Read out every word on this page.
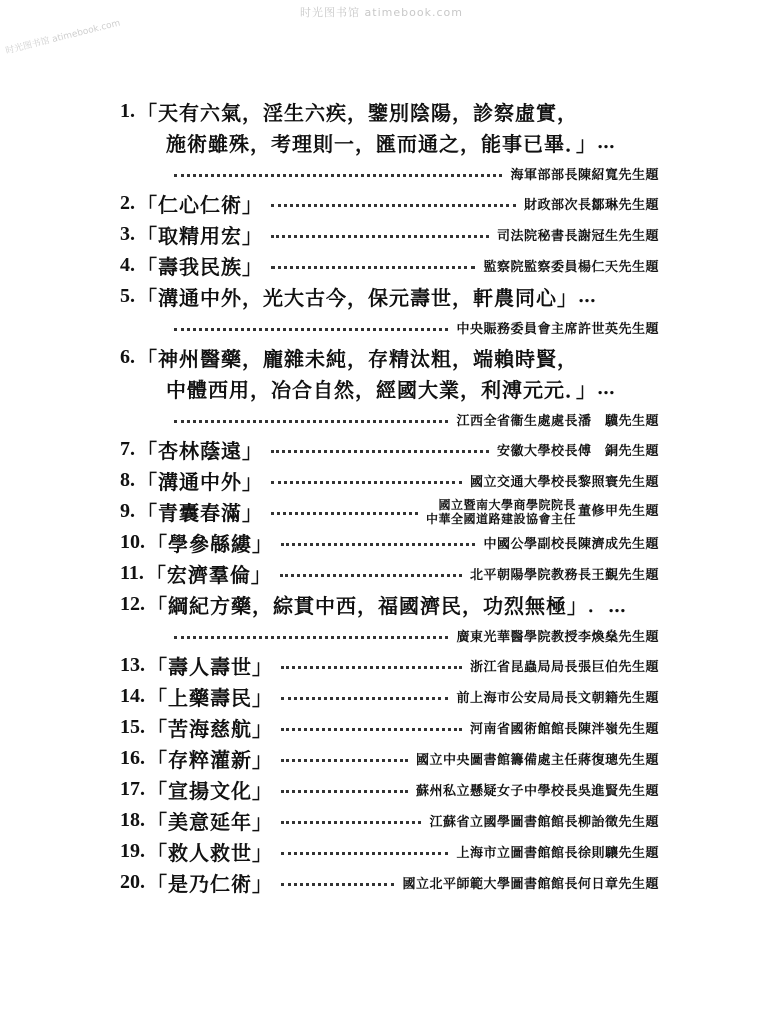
时光图书馆 atimebook.com
时光图书馆 atimebook.com
1. 「天有六氣，淫生六疾，鑒別陰陽，診察虛實，
施術雖殊，考理則一，匯而通之，能事已畢．」 …
海軍部部長陳紹寬先生題
2. 「仁心仁術」	財政部次長鄒琳先生題
3. 「取精用宏」	司法院秘書長謝冠生先生題
4. 「壽我民族」	監察院監察委員楊仁天先生題
5. 「溝通中外，光大古今，保元壽世，軒農同心」 …
中央賑務委員會主席許世英先生題
6. 「神州醫藥，龐雜未純，存精汰粗，端賴時賢，
中體西用，冶合自然，經國大業，利溥元元．」 …
江西全省衞生處處長潘　驥先生題
7. 「杏林蔭遠」	安徽大學校長傅　銅先生題
8. 「溝通中外」	國立交通大學校長黎照寰先生題
9. 「青囊春滿」	國立暨南大學商學院院長
中華全國道路建設協會主任 董修甲先生題
10. 「學參緜縷」	中國公學副校長陳濟成先生題
11. 「宏濟羣倫」	北平朝陽學院教務長王覲先生題
12. 「綱紀方藥，綜貫中西，福國濟民，功烈無極」 ．…
廣東光華醫學院教授李煥燊先生題
13. 「壽人壽世」	浙江省昆蟲局局長張巨伯先生題
14. 「上藥壽民」	前上海市公安局局長文朝籍先生題
15. 「苦海慈航」	河南省國術館館長陳泮嶺先生題
16. 「存粹灌新」	國立中央圖書館籌備處主任蔣復璁先生題
17. 「宣揚文化」	蘇州私立懸疑女子中學校長吳進賢先生題
18. 「美意延年」	江蘇省立國學圖書館館長柳詒徵先生題
19. 「救人救世」	上海市立圖書館館長徐則驤先生題
20. 「是乃仁術」	國立北平師範大學圖書館館長何日章先生題
